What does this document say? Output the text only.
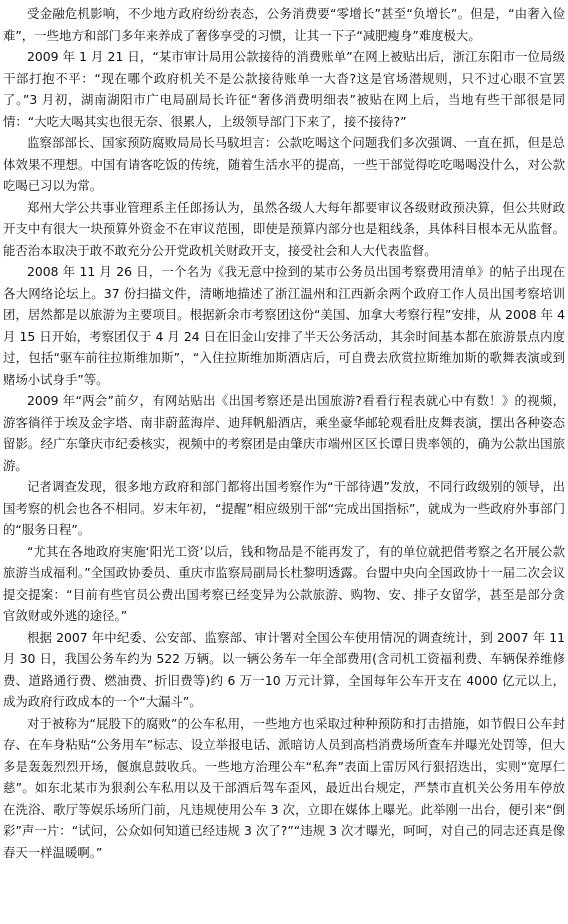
受金融危机影响，不少地方政府纷纷表态，公务消费要“零增长”甚至“负增长”。但是，“由奢入俭难”，一些地方和部门多年来养成了奢侈享受的习惯，让其一下子“减肥瘦身”难度极大。

2009 年 1 月 21 日，“某市审计局用公款接待的消费账单”在网上被贴出后，浙江东阳市一位局级干部打抱不平：“现在哪个政府机关不是公款接待账单一大沓?这是官场潜规则，只不过心眼不宣罢了。”3 月初，湖南湖阳市广电局副局长许征“奢侈消费明细表”被贴在网上后，当地有些干部很是同情：“大吃大喝其实也很无奈、很累人，上级领导部门下来了，接不接待?”

监察部部长、国家预防腐败局局长马馼坦言：公款吃喝这个问题我们多次强调、一直在抓，但是总体效果不理想。中国有请客吃饭的传统，随着生活水平的提高，一些干部觉得吃吃喝喝没什么，对公款吃喝已习以为常。

郑州大学公共事业管理系主任郎扬认为，虽然各级人大每年都要审议各级财政预决算，但公共财政开支中有很大一块预算外资金不在审议范围，即使是预算内部分也是粗线条，具体科目根本无从监督。能否治本取决于敢不敢充分公开党政机关财政开支，接受社会和人大代表监督。

2008 年 11 月 26 日，一个名为《我无意中捡到的某市公务员出国考察费用清单》的帖子出现在各大网络论坛上。37 份扫描文件，清晰地描述了浙江温州和江西新余两个政府工作人员出国考察培训团，居然都是以旅游为主要项目。根据新余市考察团这份“美国、加拿大考察行程”安排，从 2008 年 4 月 15 日开始，考察团仅于 4 月 24 日在旧金山安排了半天公务活动，其余时间基本都在旅游景点内度过，包括“驱车前往拉斯维加斯”，“入住拉斯维加斯酒店后，可自费去欣赏拉斯维加斯的歌舞表演或到赌场小试身手”等。

2009 年“两会”前夕，有网站贴出《出国考察还是出国旅游?看看行程表就心中有数！》的视频，游客徜徉于埃及金字塔、南非蔚蓝海岸、迪拜帆船酒店，乘坐豪华邮轮观看肚皮舞表演，摆出各种姿态留影。经广东肇庆市纪委核实，视频中的考察团是由肇庆市端州区区长谭日贵率领的，确为公款出国旅游。

记者调查发现，很多地方政府和部门都将出国考察作为“干部待遇”发放，不同行政级别的领导，出国考察的机会也各不相同。岁末年初，“提醒”相应级别干部“完成出国指标”，就成为一些政府外事部门的“服务日程”。

“尤其在各地政府実施‘阳光工资’以后，钱和物品是不能再发了，有的单位就把借考察之名开展公款旅游当成福利。”全国政协委员、重庆市监察局副局长杜黎明透露。台盟中央向全国政协十一届二次会议提交提案：“目前有些官员公费出国考察已经变异为公款旅游、购物、安、排子女留学，甚至是部分贪官敛财或外逃的途径。”

根据 2007 年中纪委、公安部、监察部、审计署对全国公车使用情况的调查统计，到 2007 年 11 月 30 日，我国公务车约为 522 万辆。以一辆公务车一年全部费用(含司机工资福利费、车辆保养维修费、道路通行费、燃油费、折旧费等)约 6 万一10 万元计算，全国每年公车开支在 4000 亿元以上，成为政府行政成本的一个“大漏斗”。

对于被称为“屁股下的腐败”的公车私用，一些地方也采取过种种预防和打击措施，如节假日公车封存、在车身粘贴“公务用车”标志、设立举报电话、派暗访人员到高档消费场所查车并曝光处罚等，但大多是轰轰烈烈开场，偃旗息鼓收兵。一些地方治理公车“私奔”表面上雷厉风行狠招迭出，实则“宽厚仁慈”。如东北某市为狠刹公车私用以及干部酒后驾车歪风，最近出台规定，严禁市直机关公务用车停放在洗浴、歌厅等娱乐场所门前，凡违规使用公车 3 次，立即在媒体上曝光。此举刚一出台，便引来“倒彩”声一片：“试问，公众如何知道已经违规 3 次了?”“违规 3 次才曝光，呵呵，对自己的同志还真是像春天一样温暖啊。”
